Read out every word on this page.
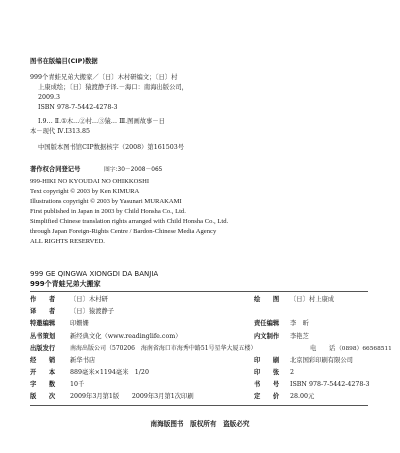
图书在版编目(CIP)数据
999个青蛙兄弟大搬家／〔日〕木村研编文；〔日〕村
上康成绘；〔日〕猿渡静子译.－海口：南海出版公司，
2009.3
ISBN 978-7-5442-4278-3
Ⅰ.9… Ⅱ.①木…②村…③猿… Ⅲ.图画故事－日
本－现代 Ⅳ.I313.85
中国版本图书馆CIP数据核字（2008）第161503号
著作权合同登记号	图字:30－2008－065
999-HIKI NO KYOUDAI NO OHIKKOSHI
Text copyright © 2003 by Ken KIMURA
Illustrations copyright © 2003 by Yasunari MURAKAMI
First published in Japan in 2003 by Child Honsha Co., Ltd.
Simplified Chinese translation rights arranged with Child Honsha Co., Ltd.
through Japan Foreign-Rights Centre / Bardon-Chinese Media Agency
ALL RIGHTS RESERVED.
999 GE QINGWA XIONGDI DA BANJIA
999个青蛙兄弟大搬家
作　　者 〔日〕木村研
译　　者 〔日〕猿渡静子
特邀编辑 印姗姗
丛书策划 新经典文化（www.readinglife.com）
出版发行 南海出版公司（570206　海南省海口市海秀中路51号星华大厦五楼）
经　　销 新华书店
开　　本 889毫米×1194毫米　1/20
字　　数 10千
版　　次 2009年3月第1版　　2009年3月第1次印刷
绘　　图 〔日〕村上康成
责任编辑 李　昕
内文制作 李艳芝
电　　话 （0898）66568511
印　　刷 北京国彩印刷有限公司
印　　张 2
书　　号 ISBN 978-7-5442-4278-3
定　　价 28.00元
南海版图书　版权所有　盗版必究
